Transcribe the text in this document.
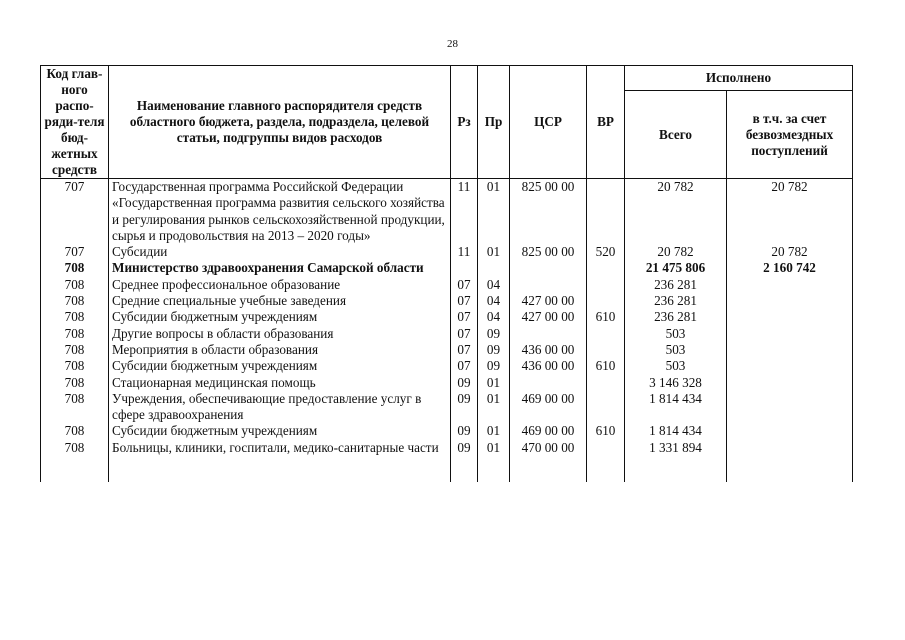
28
Код глав-ного распо-ряди-теля бюд-жетных средств	Наименование главного распорядителя средств областного бюджета, раздела, подраздела, целевой статьи, подгруппы видов расходов	Рз	Пр	ЦСР	ВР	Исполнено	
						Всего	в т.ч. за счет безвозмездных поступлений
707	Государственная программа Российской Федерации «Государственная программа развития сельского хозяйства и регулирования рынков сельскохозяйственной продукции, сырья и продовольствия на 2013 – 2020 годы»	11	01	825 00 00		20 782	20 782
707	Субсидии	11	01	825 00 00	520	20 782	20 782
708	Министерство здравоохранения Самарской области					21 475 806	2 160 742
708	Среднее профессиональное образование	07	04			236 281	
708	Средние специальные учебные заведения	07	04	427 00 00		236 281	
708	Субсидии бюджетным учреждениям	07	04	427 00 00	610	236 281	
708	Другие вопросы в области образования	07	09			503	
708	Мероприятия в области образования	07	09	436 00 00		503	
708	Субсидии бюджетным учреждениям	07	09	436 00 00	610	503	
708	Стационарная медицинская помощь	09	01			3 146 328	
708	Учреждения, обеспечивающие предоставление услуг в сфере здравоохранения	09	01	469 00 00		1 814 434	
708	Субсидии бюджетным учреждениям	09	01	469 00 00	610	1 814 434	
708	Больницы, клиники, госпитали, медико-санитарные части	09	01	470 00 00		1 331 894	
